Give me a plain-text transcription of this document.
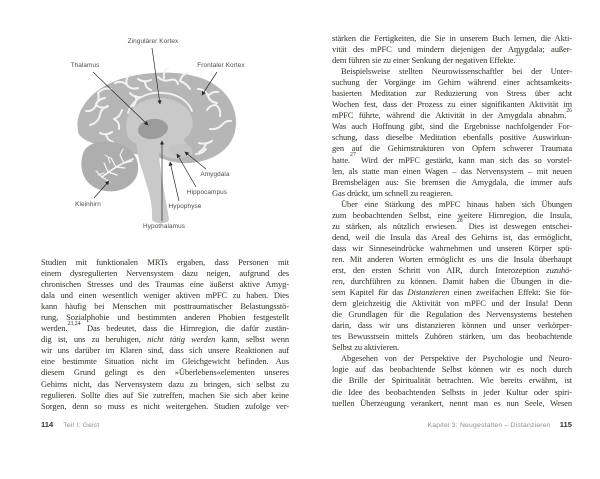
Zingulärer Kortex
Thalamus	Frontaler Kortex
Amygdala
Hippocampus
Hypophyse
Hypothalamus
Kleinhirn
Studien mit funktionalen MRTs ergaben, dass Personen mit
einem dysregulierten Nervensystem dazu neigen, aufgrund des
chronischen Stresses und des Traumas eine äußerst aktive Amyg-
dala und einen wesentlich weniger aktiven mPFC zu haben. Dies
kann häufig bei Menschen mit posttraumatischer Belastungsstö-
rung, Sozialphobie und bestimmten anderen Phobien festgestellt
werden.$^{23,24}$ Das bedeutet, dass die Hirnregion, die dafür zustän-
dig ist, uns zu beruhigen, nicht tätig werden kann, selbst wenn
wir uns darüber im Klaren sind, dass sich unsere Reaktionen auf
eine bestimmte Situation nicht im Gleichgewicht befinden. Aus
diesem Grund gelingt es den »Überlebens«elementen unseres
Gehirns nicht, das Nervensystem dazu zu bringen, sich selbst zu
regulieren. Sollte dies auf Sie zutreffen, machen Sie sich aber keine
Sorgen, denn so muss es nicht weitergehen. Studien zufolge ver-
114 Teil I: Geist
stärken die Fertigkeiten, die Sie in unserem Buch lernen, die Akti-
vität des mPFC und mindern diejenigen der Amygdala; außer-
dem führen sie zu einer Senkung der negativen Effekte.$^{25}$
Beispielsweise stellten Neurowissenschaftler bei der Unter-
suchung der Vorgänge im Gehirn während einer achtsamkeits-
basierten Meditation zur Reduzierung von Stress über acht
Wochen fest, dass der Prozess zu einer signifikanten Aktivität im
mPFC führte, während die Aktivität in der Amygdala abnahm.$^{26}$
Was auch Hoffnung gibt, sind die Ergebnisse nachfolgender For-
schung, dass dieselbe Meditation ebenfalls positive Auswirkun-
gen auf die Gehirnstrukturen von Opfern schwerer Traumata
hatte.$^{27}$ Wird der mPFC gestärkt, kann man sich das so vorstel-
len, als statte man einen Wagen – das Nervensystem – mit neuen
Bremsbelägen aus: Sie bremsen die Amygdala, die immer aufs
Gas drückt, um schnell zu reagieren.
Über eine Stärkung des mPFC hinaus haben sich Übungen
zum beobachtenden Selbst, eine weitere Hirnregion, die Insula,
zu stärken, als nützlich erwiesen.$^{28}$ Dies ist deswegen entschei-
dend, weil die Insula das Areal des Gehirns ist, das ermöglicht,
dass wir Sinneseindrücke wahrnehmen und unseren Körper spü-
ren. Mit anderen Worten ermöglicht es uns die Insula überhaupt
erst, den ersten Schritt von AIR, durch Interozeption zuzuhö-
ren, durchführen zu können. Damit haben die Übungen in die-
sem Kapitel für das Distanzieren einen zweifachen Effekt: Sie för-
dern gleichzeitig die Aktivität von mPFC und der Insula! Denn
die Grundlagen für die Regulation des Nervensystems bestehen
darin, dass wir uns distanzieren können und unser verkörper-
tes Bewusstsein mittels Zuhören stärken, um das beobachtende
Selbst zu aktivieren.
Abgesehen von der Perspektive der Psychologie und Neuro-
logie auf das beobachtende Selbst können wir es noch durch
die Brille der Spiritualität betrachten. Wie bereits erwähnt, ist
die Idee des beobachtenden Selbsts in jeder Kultur oder spiri-
tuellen Überzeugung verankert, nennt man es nun Seele, Wesen
Kapitel 3: Neugestalten – Distanzieren 115
